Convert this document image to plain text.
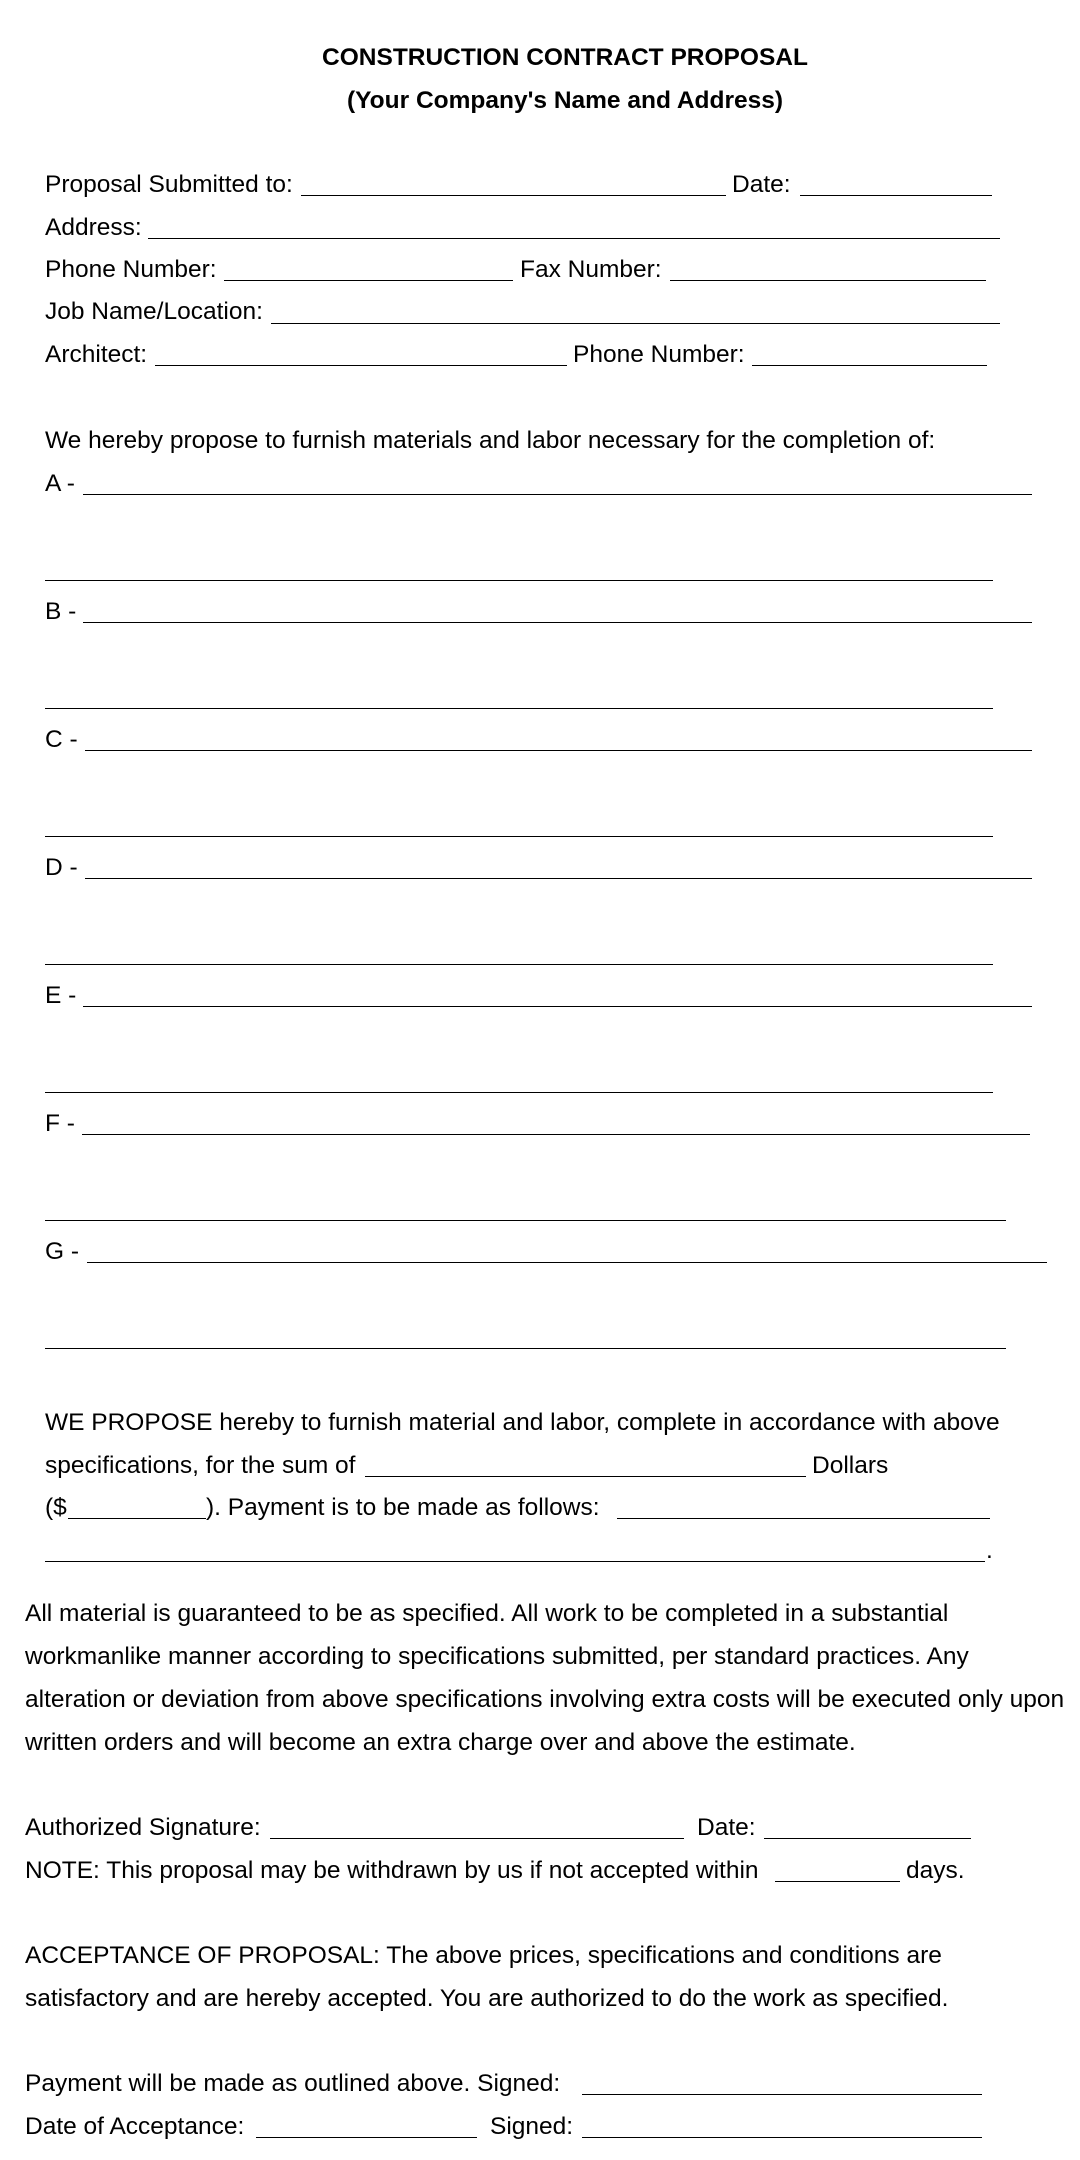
CONSTRUCTION CONTRACT PROPOSAL
(Your Company's Name and Address)
Proposal Submitted to:	Date:
Address:
Phone Number:	Fax Number:
Job Name/Location:
Architect:	Phone Number:
We hereby propose to furnish materials and labor necessary for the completion of:
A -
B -
C -
D -
E -
F -
G -
WE PROPOSE hereby to furnish material and labor, complete in accordance with above
specifications, for the sum of	Dollars
($	). Payment is to be made as follows:
.
All material is guaranteed to be as specified. All work to be completed in a substantial
workmanlike manner according to specifications submitted, per standard practices. Any
alteration or deviation from above specifications involving extra costs will be executed only upon
written orders and will become an extra charge over and above the estimate.
Authorized Signature:	Date:
NOTE: This proposal may be withdrawn by us if not accepted within	days.
ACCEPTANCE OF PROPOSAL: The above prices, specifications and conditions are
satisfactory and are hereby accepted. You are authorized to do the work as specified.
Payment will be made as outlined above. Signed:
Date of Acceptance:	Signed:
